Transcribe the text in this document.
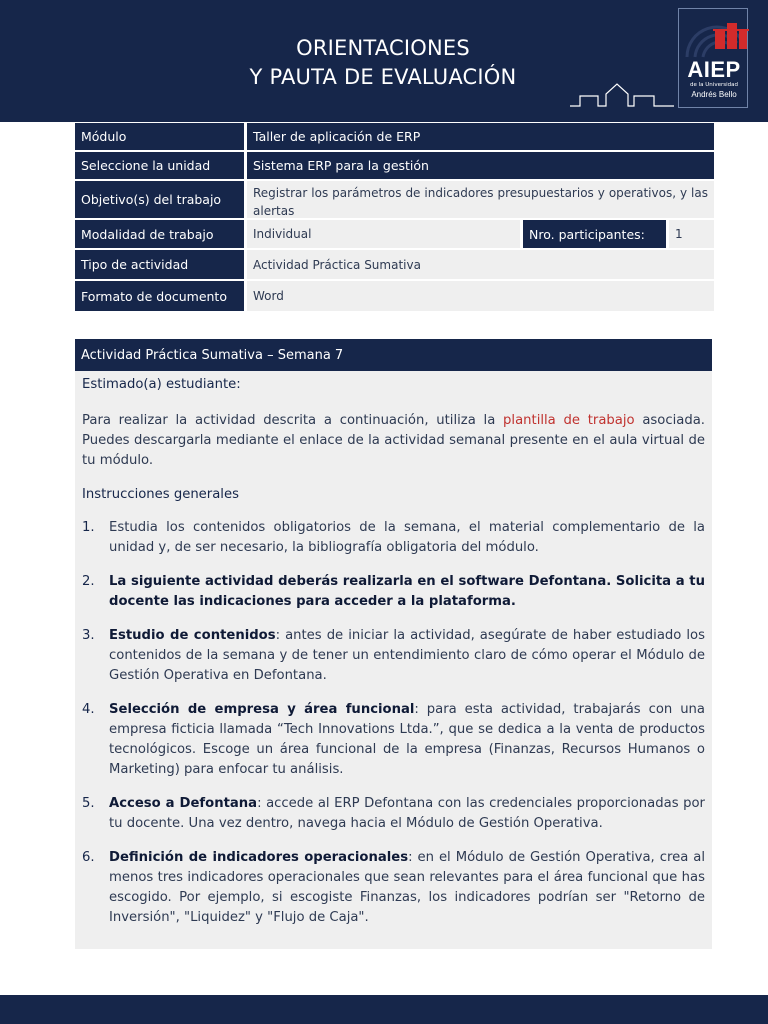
ORIENTACIONES
Y PAUTA DE EVALUACIÓN	AIEP
de la Universidad
Andrés Bello
Módulo	Taller de aplicación de ERP
Seleccione la unidad	Sistema ERP para la gestión
Objetivo(s) del trabajo	Registrar los parámetros de indicadores presupuestarios y operativos, y las alertas
Modalidad de trabajo	Individual	Nro. participantes:	1
Tipo de actividad	Actividad Práctica Sumativa
Formato de documento	Word
Actividad Práctica Sumativa – Semana 7
Estimado(a) estudiante:
Para realizar la actividad descrita a continuación, utiliza la plantilla de trabajo asociada. Puedes descargarla mediante el enlace de la actividad semanal presente en el aula virtual de tu módulo.
Instrucciones generales
1.	Estudia los contenidos obligatorios de la semana, el material complementario de la unidad y, de ser necesario, la bibliografía obligatoria del módulo.
2.	La siguiente actividad deberás realizarla en el software Defontana. Solicita a tu docente las indicaciones para acceder a la plataforma.
3.	Estudio de contenidos: antes de iniciar la actividad, asegúrate de haber estudiado los contenidos de la semana y de tener un entendimiento claro de cómo operar el Módulo de Gestión Operativa en Defontana.
4.	Selección de empresa y área funcional: para esta actividad, trabajarás con una empresa ficticia llamada “Tech Innovations Ltda.”, que se dedica a la venta de productos tecnológicos. Escoge un área funcional de la empresa (Finanzas, Recursos Humanos o Marketing) para enfocar tu análisis.
5.	Acceso a Defontana: accede al ERP Defontana con las credenciales proporcionadas por tu docente. Una vez dentro, navega hacia el Módulo de Gestión Operativa.
6.	Definición de indicadores operacionales: en el Módulo de Gestión Operativa, crea al menos tres indicadores operacionales que sean relevantes para el área funcional que has escogido. Por ejemplo, si escogiste Finanzas, los indicadores podrían ser "Retorno de Inversión", "Liquidez" y "Flujo de Caja".
